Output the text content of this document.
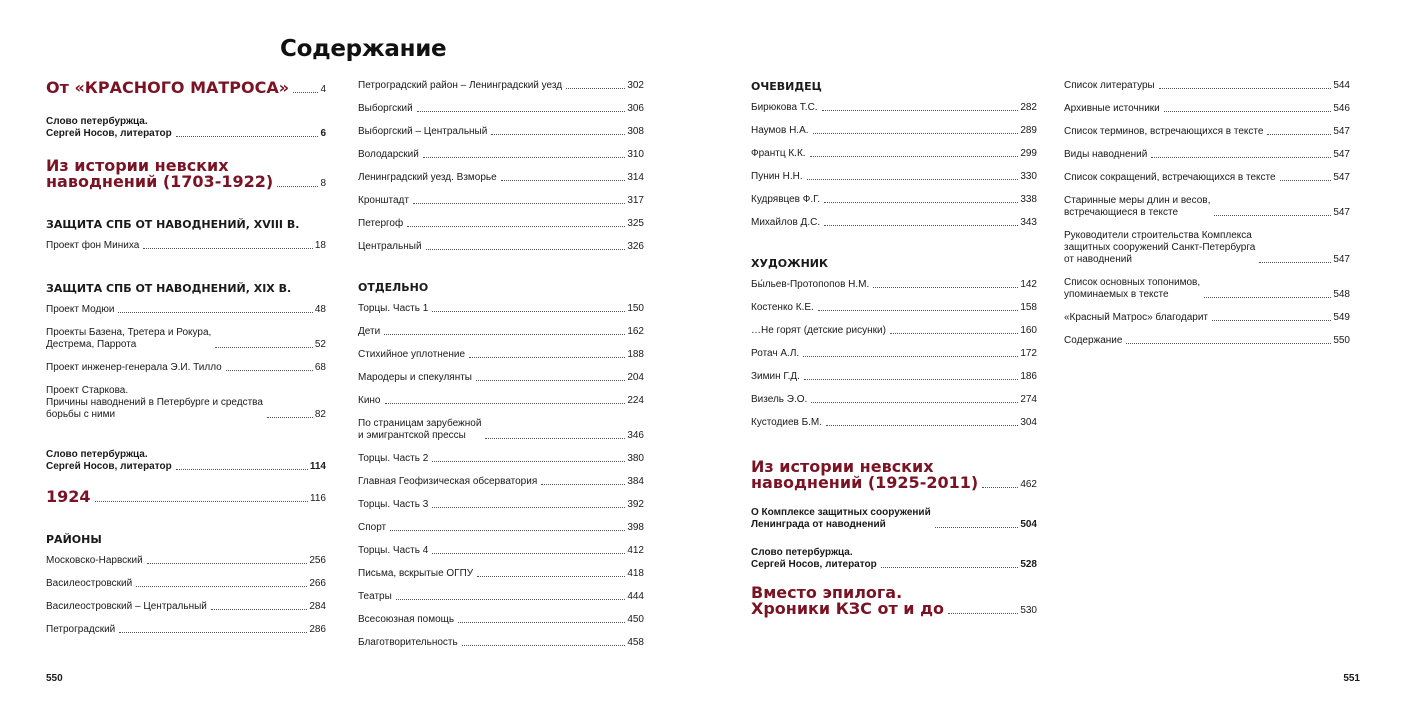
Содержание
От «КРАСНОГО МАТРОСА»	4
Слово петербуржца.
Сергей Носов, литератор	6
Из истории невских
наводнений (1703-1922)	8
ЗАЩИТА СПБ ОТ НАВОДНЕНИЙ, XVIII В.
Проект фон Миниха	18
ЗАЩИТА СПБ ОТ НАВОДНЕНИЙ, XIX В.
Проект Модюи	48
Проекты Базена, Третера и Рокура,
Дестрема, Паррота	52
Проект инженер-генерала Э.И. Тилло	68
Проект Старкова.
Причины наводнений в Петербурге и средства
борьбы с ними	82
Слово петербуржца.
Сергей Носов, литератор	114
1924	116
РАЙОНЫ
Московско-Нарвский	256
Василеостровский	266
Василеостровский – Центральный	284
Петроградский	286
Петроградский район – Ленинградский уезд	302
Выборгский	306
Выборгский – Центральный	308
Володарский	310
Ленинградский уезд. Взморье	314
Кронштадт	317
Петергоф	325
Центральный	326
ОТДЕЛЬНО
Торцы. Часть 1	150
Дети	162
Стихийное уплотнение	188
Мародеры и спекулянты	204
Кино	224
По страницам зарубежной
и эмигрантской прессы	346
Торцы. Часть 2	380
Главная Геофизическая обсерватория	384
Торцы. Часть 3	392
Спорт	398
Торцы. Часть 4	412
Письма, вскрытые ОГПУ	418
Театры	444
Всесоюзная помощь	450
Благотворительность	458
ОЧЕВИДЕЦ
Бирюкова Т.С.	282
Наумов Н.А.	289
Франтц К.К.	299
Пунин Н.Н.	330
Кудрявцев Ф.Г.	338
Михайлов Д.С.	343
ХУДОЖНИК
Бы́льев-Протопопов Н.М.	142
Костенко К.Е.	158
…Не горят (детские рисунки)	160
Ротач А.Л.	172
Зимин Г.Д.	186
Визель Э.О.	274
Кустодиев Б.М.	304
Из истории невских
наводнений (1925-2011)	462
О Комплексе защитных сооружений
Ленинграда от наводнений	504
Слово петербуржца.
Сергей Носов, литератор	528
Вместо эпилога.
Хроники КЗС от и до	530
Список литературы	544
Архивные источники	546
Список терминов, встречающихся в тексте	547
Виды наводнений	547
Список сокращений, встречающихся в тексте	547
Старинные меры длин и весов,
встречающиеся в тексте	547
Руководители строительства Комплекса
защитных сооружений Санкт-Петербурга
от наводнений	547
Список основных топонимов,
упоминаемых в тексте	548
«Красный Матрос» благодарит	549
Содержание	550
550	551
